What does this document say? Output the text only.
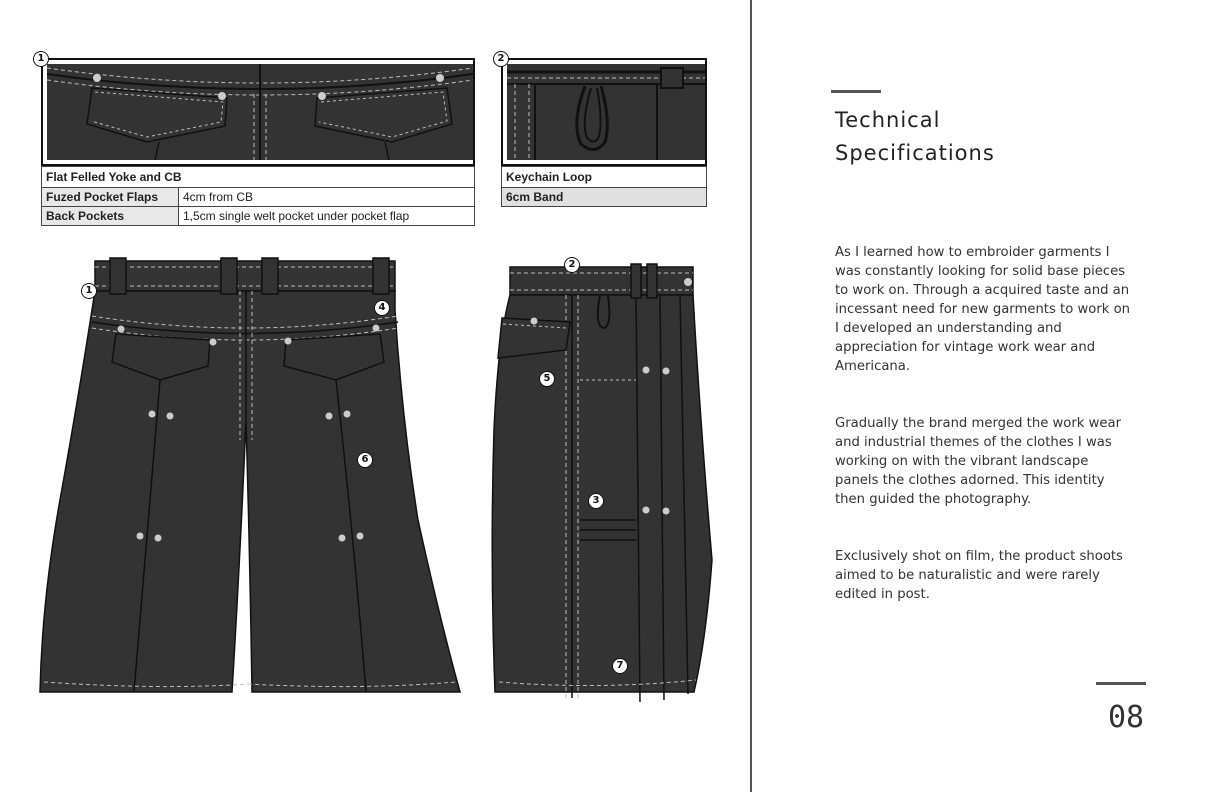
Flat Felled Yoke and CB	
Fuzed Pocket Flaps	4cm from CB
Back Pockets	1,5cm single welt pocket under pocket flap
1
Keychain Loop
6cm Band
2
1
4
6
2
5
3
7
Technical
Specifications
As I learned how to embroider garments I was constantly looking for solid base pieces to work on. Through a acquired taste and an incessant need for new garments to work on I developed an understanding and appreciation for vintage work wear and Americana.
Gradually the brand merged the work wear and industrial themes of the clothes I was working on with the vibrant landscape panels the clothes adorned. This identity then guided the photography.
Exclusively shot on film, the product shoots aimed to be naturalistic and were rarely edited in post.
08
